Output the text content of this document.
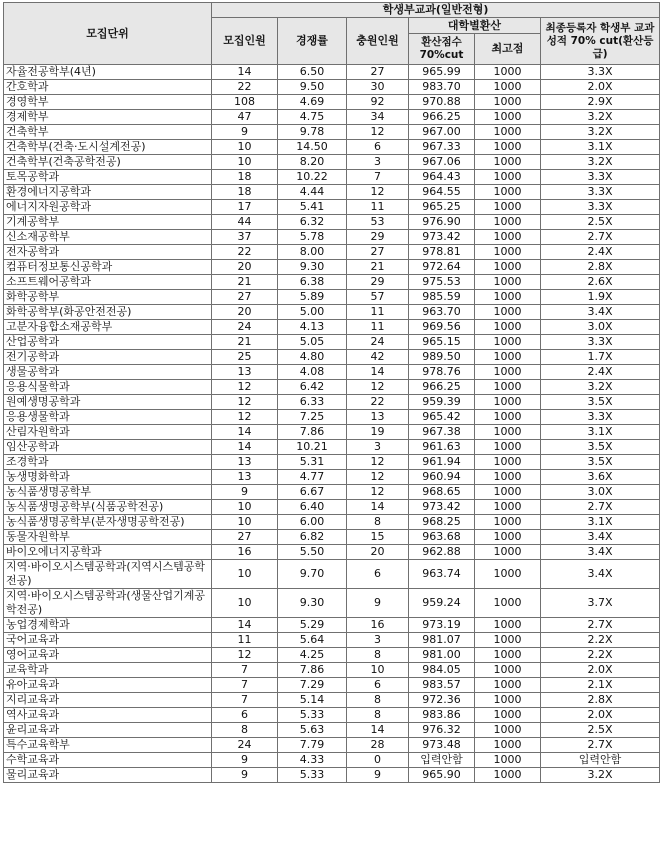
모집단위	학생부교과(일반전형)					
	모집인원	경쟁률	충원인원	대학별환산		최종등록자 학생부 교과성적 70% cut(환산등급)
				환산점수 70%cut	최고점	
자율전공학부(4년)	14	6.50	27	965.99	1000	3.3X
간호학과	22	9.50	30	983.70	1000	2.0X
경영학부	108	4.69	92	970.88	1000	2.9X
경제학부	47	4.75	34	966.25	1000	3.2X
건축학부	9	9.78	12	967.00	1000	3.2X
건축학부(건축·도시설계전공)	10	14.50	6	967.33	1000	3.1X
건축학부(건축공학전공)	10	8.20	3	967.06	1000	3.2X
토목공학과	18	10.22	7	964.43	1000	3.3X
환경에너지공학과	18	4.44	12	964.55	1000	3.3X
에너지자원공학과	17	5.41	11	965.25	1000	3.3X
기계공학부	44	6.32	53	976.90	1000	2.5X
신소재공학부	37	5.78	29	973.42	1000	2.7X
전자공학과	22	8.00	27	978.81	1000	2.4X
컴퓨터정보통신공학과	20	9.30	21	972.64	1000	2.8X
소프트웨어공학과	21	6.38	29	975.53	1000	2.6X
화학공학부	27	5.89	57	985.59	1000	1.9X
화학공학부(화공안전전공)	20	5.00	11	963.70	1000	3.4X
고분자융합소재공학부	24	4.13	11	969.56	1000	3.0X
산업공학과	21	5.05	24	965.15	1000	3.3X
전기공학과	25	4.80	42	989.50	1000	1.7X
생물공학과	13	4.08	14	978.76	1000	2.4X
응용식물학과	12	6.42	12	966.25	1000	3.2X
원예생명공학과	12	6.33	22	959.39	1000	3.5X
응용생물학과	12	7.25	13	965.42	1000	3.3X
산림자원학과	14	7.86	19	967.38	1000	3.1X
임산공학과	14	10.21	3	961.63	1000	3.5X
조경학과	13	5.31	12	961.94	1000	3.5X
농생명화학과	13	4.77	12	960.94	1000	3.6X
농식품생명공학부	9	6.67	12	968.65	1000	3.0X
농식품생명공학부(식품공학전공)	10	6.40	14	973.42	1000	2.7X
농식품생명공학부(분자생명공학전공)	10	6.00	8	968.25	1000	3.1X
동물자원학부	27	6.82	15	963.68	1000	3.4X
바이오에너지공학과	16	5.50	20	962.88	1000	3.4X
지역·바이오시스템공학과(지역시스템공학전공)	10	9.70	6	963.74	1000	3.4X
지역·바이오시스템공학과(생물산업기계공학전공)	10	9.30	9	959.24	1000	3.7X
농업경제학과	14	5.29	16	973.19	1000	2.7X
국어교육과	11	5.64	3	981.07	1000	2.2X
영어교육과	12	4.25	8	981.00	1000	2.2X
교육학과	7	7.86	10	984.05	1000	2.0X
유아교육과	7	7.29	6	983.57	1000	2.1X
지리교육과	7	5.14	8	972.36	1000	2.8X
역사교육과	6	5.33	8	983.86	1000	2.0X
윤리교육과	8	5.63	14	976.32	1000	2.5X
특수교육학부	24	7.79	28	973.48	1000	2.7X
수학교육과	9	4.33	0	입력안함	1000	입력안함
물리교육과	9	5.33	9	965.90	1000	3.2X
